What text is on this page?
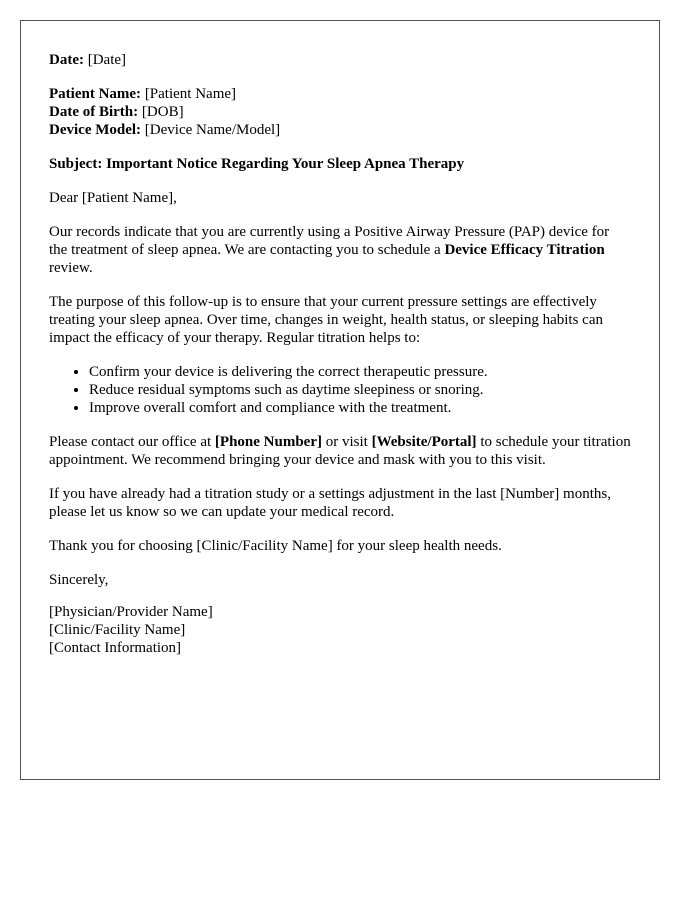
Date: [Date]

Patient Name: [Patient Name]

Date of Birth: [DOB]

Device Model: [Device Name/Model]

Subject: Important Notice Regarding Your Sleep Apnea Therapy

Dear [Patient Name],

Our records indicate that you are currently using a Positive Airway Pressure (PAP) device for the treatment of sleep apnea. We are contacting you to schedule a Device Efficacy Titration review.

The purpose of this follow-up is to ensure that your current pressure settings are effectively treating your sleep apnea. Over time, changes in weight, health status, or sleeping habits can impact the efficacy of your therapy. Regular titration helps to:

• Confirm your device is delivering the correct therapeutic pressure.
• Reduce residual symptoms such as daytime sleepiness or snoring.
• Improve overall comfort and compliance with the treatment.

Please contact our office at [Phone Number] or visit [Website/Portal] to schedule your titration appointment. We recommend bringing your device and mask with you to this visit.

If you have already had a titration study or a settings adjustment in the last [Number] months, please let us know so we can update your medical record.

Thank you for choosing [Clinic/Facility Name] for your sleep health needs.

Sincerely,

[Physician/Provider Name]

[Clinic/Facility Name]

[Contact Information]
